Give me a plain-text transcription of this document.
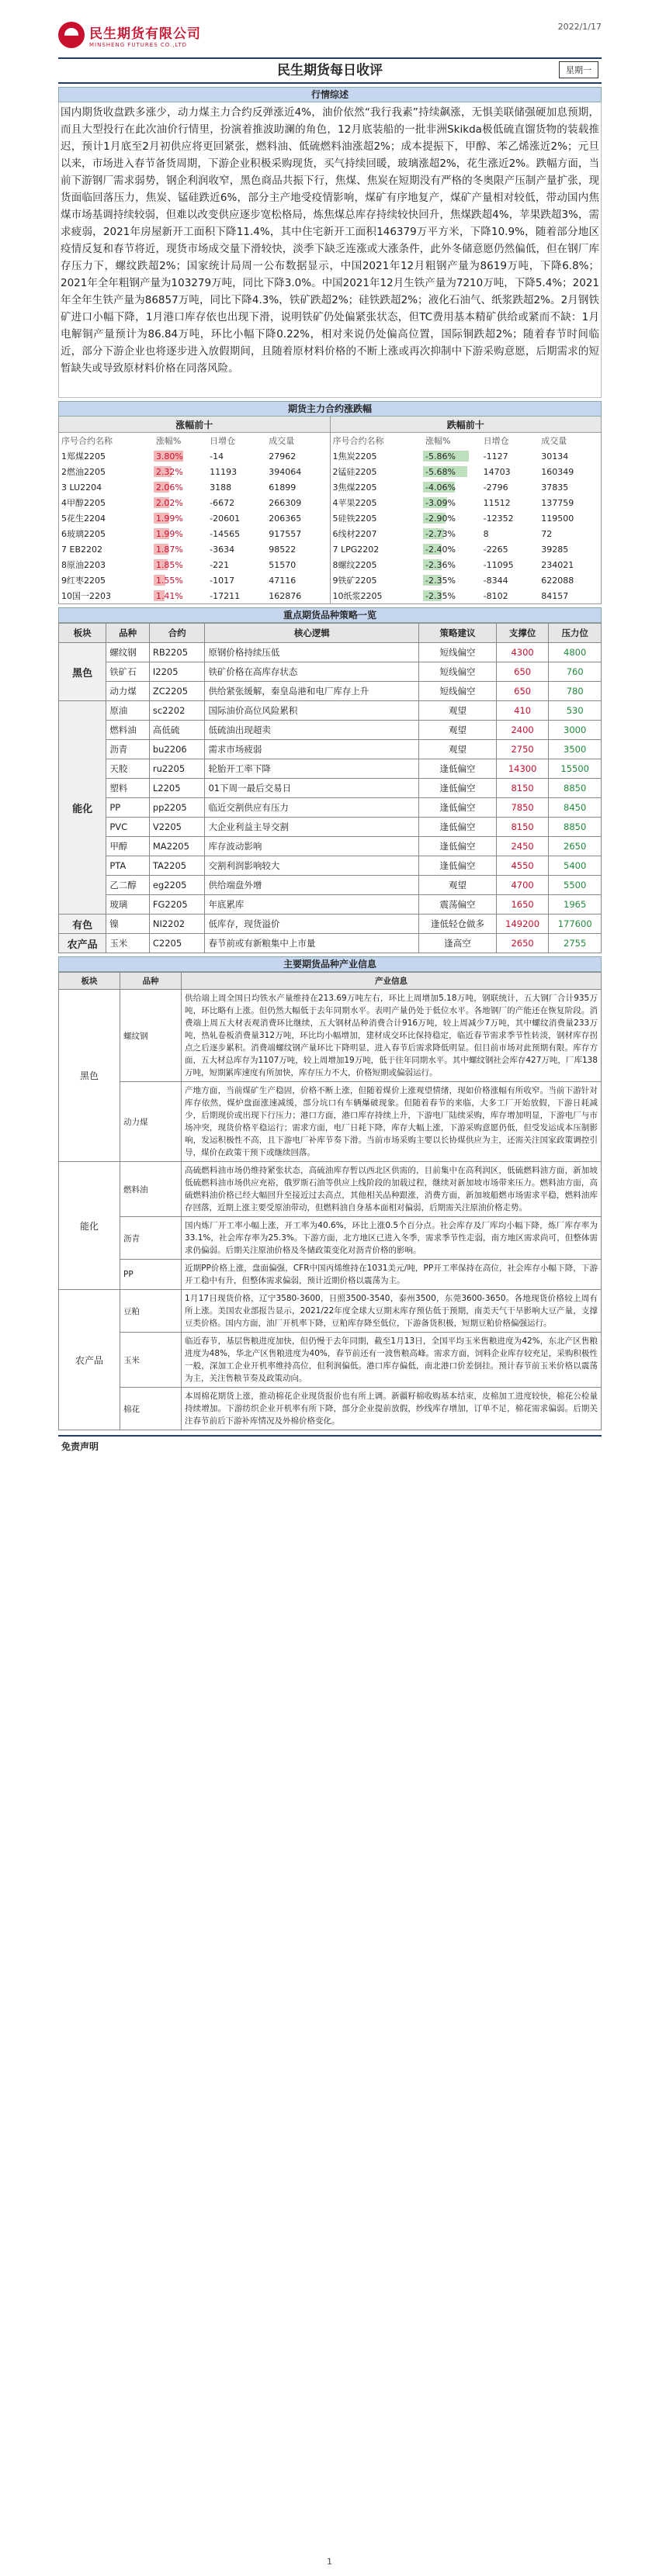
民生期货有限公司
MINSHENG FUTURES CO.,LTD
2022/1/17
民生期货每日收评	星期一
行情综述
国内期货收盘跌多涨少，动力煤主力合约反弹涨近4%，油价依然“我行我素”持续飙涨，无惧美联储强硬加息预期，而且大型投行在此次油价行情里，扮演着推波助澜的角色，12月底装船的一批非洲Skikda极低硫直馏货物的装载推迟，预计1月底至2月初供应将更回紧张，燃料油、低硫燃料油涨超2%；成本提振下，甲醇、苯乙烯涨近2%；元旦以来，市场进入春节备货周期，下游企业积极采购现货，买气持续回暖，玻璃涨超2%，花生涨近2%。跌幅方面，当前下游钢厂需求弱势，钢企利润收窄，黑色商品共振下行，焦煤、焦炭在短期没有严格的冬奥限产压制产量扩张，现货面临回落压力，焦炭、锰硅跌近6%，部分主产地受疫情影响，煤矿有序地复产，煤矿产量相对较低，带动国内焦煤市场基调持续较弱，但难以改变供应逐步宽松格局，炼焦煤总库存持续较快回升，焦煤跌超4%，苹果跌超3%，需求疲弱，2021年房屋新开工面积下降11.4%，其中住宅新开工面积146379万平方米，下降10.9%，随着部分地区疫情反复和春节将近，现货市场成交量下滑较快，淡季下缺乏连涨或大涨条件，此外冬储意愿仍然偏低，但在钢厂库存压力下，螺纹跌超2%；国家统计局周一公布数据显示，中国2021年12月粗钢产量为8619万吨，下降6.8%；2021年全年粗钢产量为103279万吨，同比下降3.0%。中国2021年12月生铁产量为7210万吨，下降5.4%；2021年全年生铁产量为86857万吨，同比下降4.3%，铁矿跌超2%；硅铁跌超2%；液化石油气、纸浆跌超2%。2月钢铁矿进口小幅下降，1月港口库存依也出现下滑，说明铁矿仍处偏紧张状态，但TC费用基本精矿供给或紧而不缺：1月电解铜产量预计为86.84万吨，环比小幅下降0.22%，相对来说仍处偏高位置，国际铜跌超2%；随着春节时间临近，部分下游企业也将逐步进入放假期间，且随着原材料价格的不断上涨或再次抑制中下游采购意愿，后期需求的短暂缺失或导致原材料价格在同落风险。
期货主力合约涨跌幅
涨幅前十			
序号合约名称	涨幅%	日增仓	成交量
1郑煤2205	3.80%	-14	27962
2燃油2205	2.32%	11193	394064
3 LU2204	2.06%	3188	61899
4甲醇2205	2.02%	-6672	266309
5花生2204	1.99%	-20601	206365
6玻璃2205	1.99%	-14565	917557
7 EB2202	1.87%	-3634	98522
8原油2203	1.85%	-221	51570
9红枣2205	1.55%	-1017	47116
10国一2203	1.41%	-17211	162876
跌幅前十			
序号合约名称	涨幅%	日增仓	成交量
1焦炭2205	-5.86%	-1127	30134
2锰硅2205	-5.68%	14703	160349
3焦煤2205	-4.06%	-2796	37835
4苹果2205	-3.09%	11512	137759
5硅铁2205	-2.90%	-12352	119500
6线材2207	-2.73%	8	72
7 LPG2202	-2.40%	-2265	39285
8螺纹2205	-2.36%	-11095	234021
9铁矿2205	-2.35%	-8344	622088
10纸浆2205	-2.35%	-8102	84157
重点期货品种策略一览
板块	品种	合约	核心逻辑	策略建议	支撑位	压力位
黑色	螺纹钢	RB2205	原钢价格持续压低	短线偏空	4300	4800
	铁矿石	I2205	铁矿价格在高库存状态	短线偏空	650	760
	动力煤	ZC2205	供给紧张缓解，秦皇岛港和电厂库存上升	短线偏空	650	780
能化	原油	sc2202	国际油价高位风险累积	观望	410	530
	燃料油	高低硫	低硫油出现超卖	观望	2400	3000
	沥青	bu2206	需求市场疲弱	观望	2750	3500
	天胶	ru2205	轮胎开工率下降	逢低偏空	14300	15500
	塑料	L2205	01下周一最后交易日	逢低偏空	8150	8850
	PP	pp2205	临近交割供应有压力	逢低偏空	7850	8450
	PVC	V2205	大企业利益主导交割	逢低偏空	8150	8850
	甲醇	MA2205	库存波动影响	逢低偏空	2450	2650
	PTA	TA2205	交割利润影响较大	逢低偏空	4550	5400
	乙二醇	eg2205	供给端盘外增	观望	4700	5500
	玻璃	FG2205	年底累库	震荡偏空	1650	1965
有色	镍	NI2202	低库存，现货溢价	逢低轻仓做多	149200	177600
农产品	玉米	C2205	春节前或有新粮集中上市量	逢高空	2650	2755
主要期货品种产业信息
板块	品种	产业信息
黑色	螺纹钢	供给端上周全国日均铁水产量维持在213.69万吨左右，环比上周增加5.18万吨，钢联统计，五大钢厂合计935万吨，环比略有上涨。但仍然大幅低于去年同期水平。表明产量仍处于低位水平。各地钢厂的产能还在恢复阶段。消费端上周五大材表观消费环比继续，五大钢材品种消费合计916万吨，较上周减少7万吨，其中螺纹消费量233万吨，热轧卷板消费量312万吨，环比均小幅增加，建材成交环比保持稳定，临近春节需求季节性转淡，钢材库存拐点之后逐步累积。消费端螺纹钢产量环比下降明显，进入春节后需求降低明显。但目前市场对此预期有限。库存方面，五大材总库存为1107万吨，较上周增加19万吨，低于往年同期水平。其中螺纹钢社会库存427万吨，厂库138万吨，短期累库速度有所加快，库存压力不大，价格短期或偏弱运行。
	动力煤	产地方面，当前煤矿生产稳固，价格不断上涨，但随着煤价上涨观望情绪，现如价格涨幅有所收窄。当前下游针对库存依然，煤炉盘面涨速减缓，部分坑口有车辆爆破现象。但随着春节的来临，大多工厂开始放假，下游日耗减少，后期现价或出现下行压力；港口方面，港口库存持续上升，下游电厂陆续采购，库存增加明显，下游电厂与市场冲突，现货价格平稳运行；需求方面，电厂日耗下降，库存大幅上涨，下游采购意愿仍低，但受发运成本压制影响，发运积极性不高，且下游电厂补库节奏下滑。当前市场采购主要以长协煤供应为主，还需关注国家政策调控引导，煤价在政策干预下或继续回落。
能化	燃料油	高硫燃料油市场仍维持紧张状态，高硫油库存暂以西北区供需的，目前集中在高利润区，低硫燃料油方面，新加坡低硫燃料油市场供应充裕，俄罗斯石油等供应上线阶段的加载过程，继续对新加坡市场带来压力。燃料油方面，高硫燃料油价格已经大幅回升至接近过去高点，其他相关品种跟涨，消费方面，新加坡船燃市场需求平稳，燃料油库存回落，近期上涨主要受原油带动，但燃料油自身基本面相对偏弱，后期需关注原油价格走势。
	沥青	国内炼厂开工率小幅上涨，开工率为40.6%，环比上涨0.5个百分点。社会库存及厂库均小幅下降，炼厂库存率为33.1%，社会库存率为25.3%。下游方面，北方地区已进入冬季，需求季节性走弱，南方地区需求尚可，但整体需求仍偏弱。后期关注原油价格及冬储政策变化对沥青价格的影响。
	PP	近期PP价格上涨，盘面偏强，CFR中国丙烯维持在1031美元/吨，PP开工率保持在高位，社会库存小幅下降，下游开工稳中有升，但整体需求偏弱，预计近期价格以震荡为主。
农产品	豆粕	1月17日现货价格，辽宁3580-3600，日照3500-3540，泰州3500，东莞3600-3650。各地现货价格较上周有所上涨。美国农业部报告显示，2021/22年度全球大豆期末库存预估低于预期，南美天气干旱影响大豆产量，支撑豆类价格。国内方面，油厂开机率下降，豆粕库存降至低位，下游备货积极，短期豆粕价格偏强运行。
	玉米	临近春节，基层售粮进度加快，但仍慢于去年同期，截至1月13日，全国平均玉米售粮进度为42%，东北产区售粮进度为48%，华北产区售粮进度为40%，春节前还有一波售粮高峰。需求方面，饲料企业库存较充足，采购积极性一般，深加工企业开机率维持高位，但利润偏低。港口库存偏低，南北港口价差倒挂。预计春节前玉米价格以震荡为主，关注售粮节奏及政策动向。
	棉花	本周棉花期货上涨，推动棉花企业现货报价也有所上调。新疆籽棉收购基本结束，皮棉加工进度较快，棉花公检量持续增加。下游纺织企业开机率有所下降，部分企业提前放假，纱线库存增加，订单不足，棉花需求偏弱。后期关注春节前后下游补库情况及外棉价格变化。
免责声明
1
